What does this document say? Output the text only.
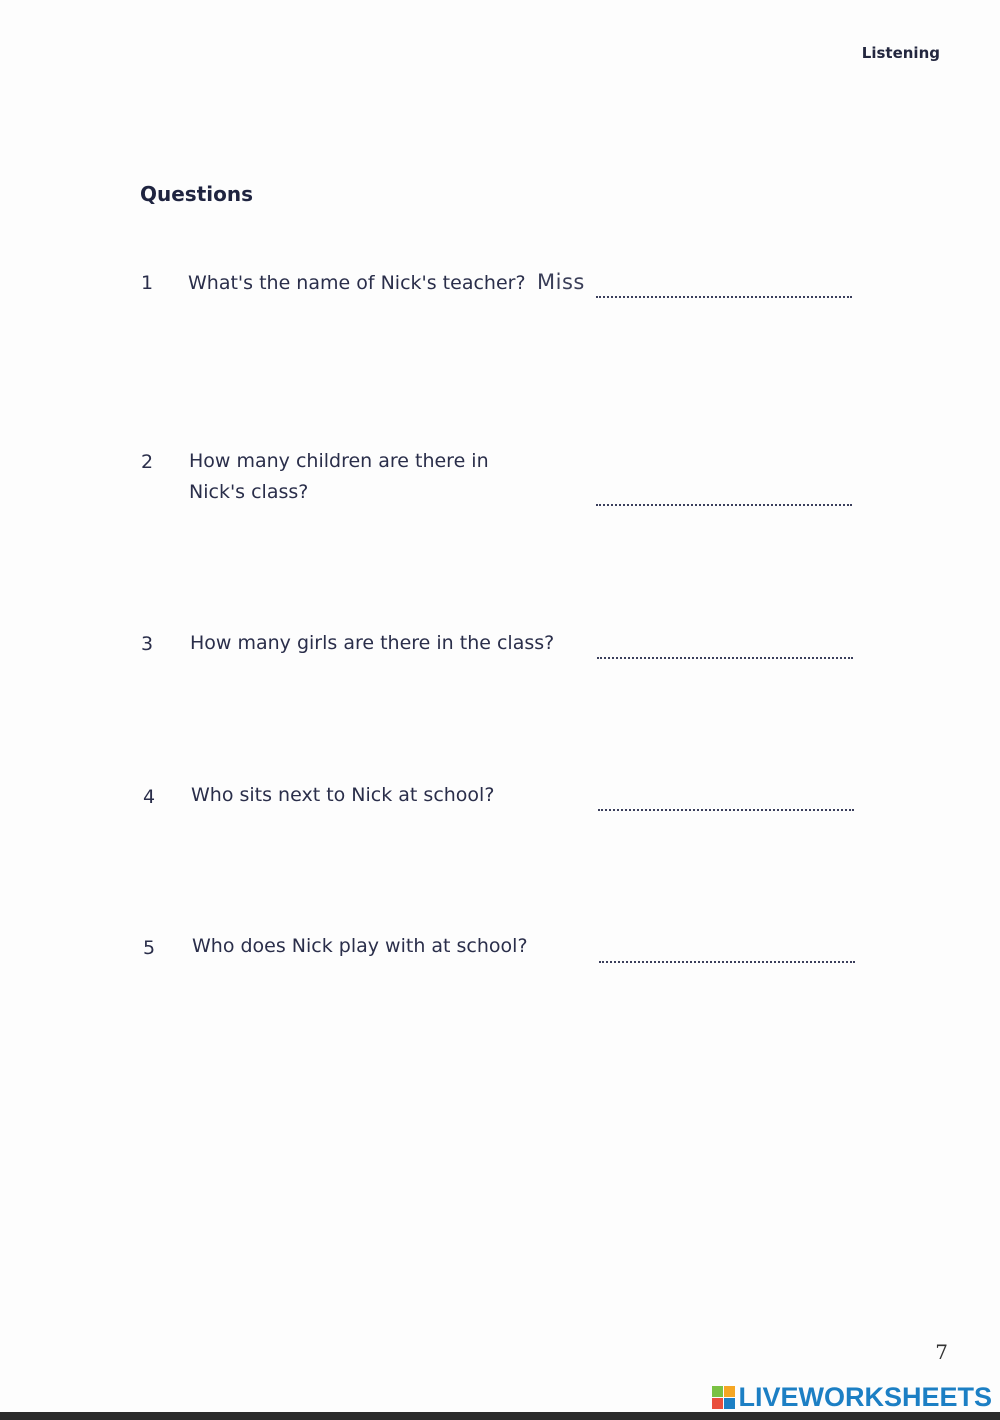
Listening
Questions
1 What's the name of Nick's teacher? Miss
2 How many children are there in Nick's class?
3 How many girls are there in the class?
4 Who sits next to Nick at school?
5 Who does Nick play with at school?
7
LIVEWORKSHEETS
